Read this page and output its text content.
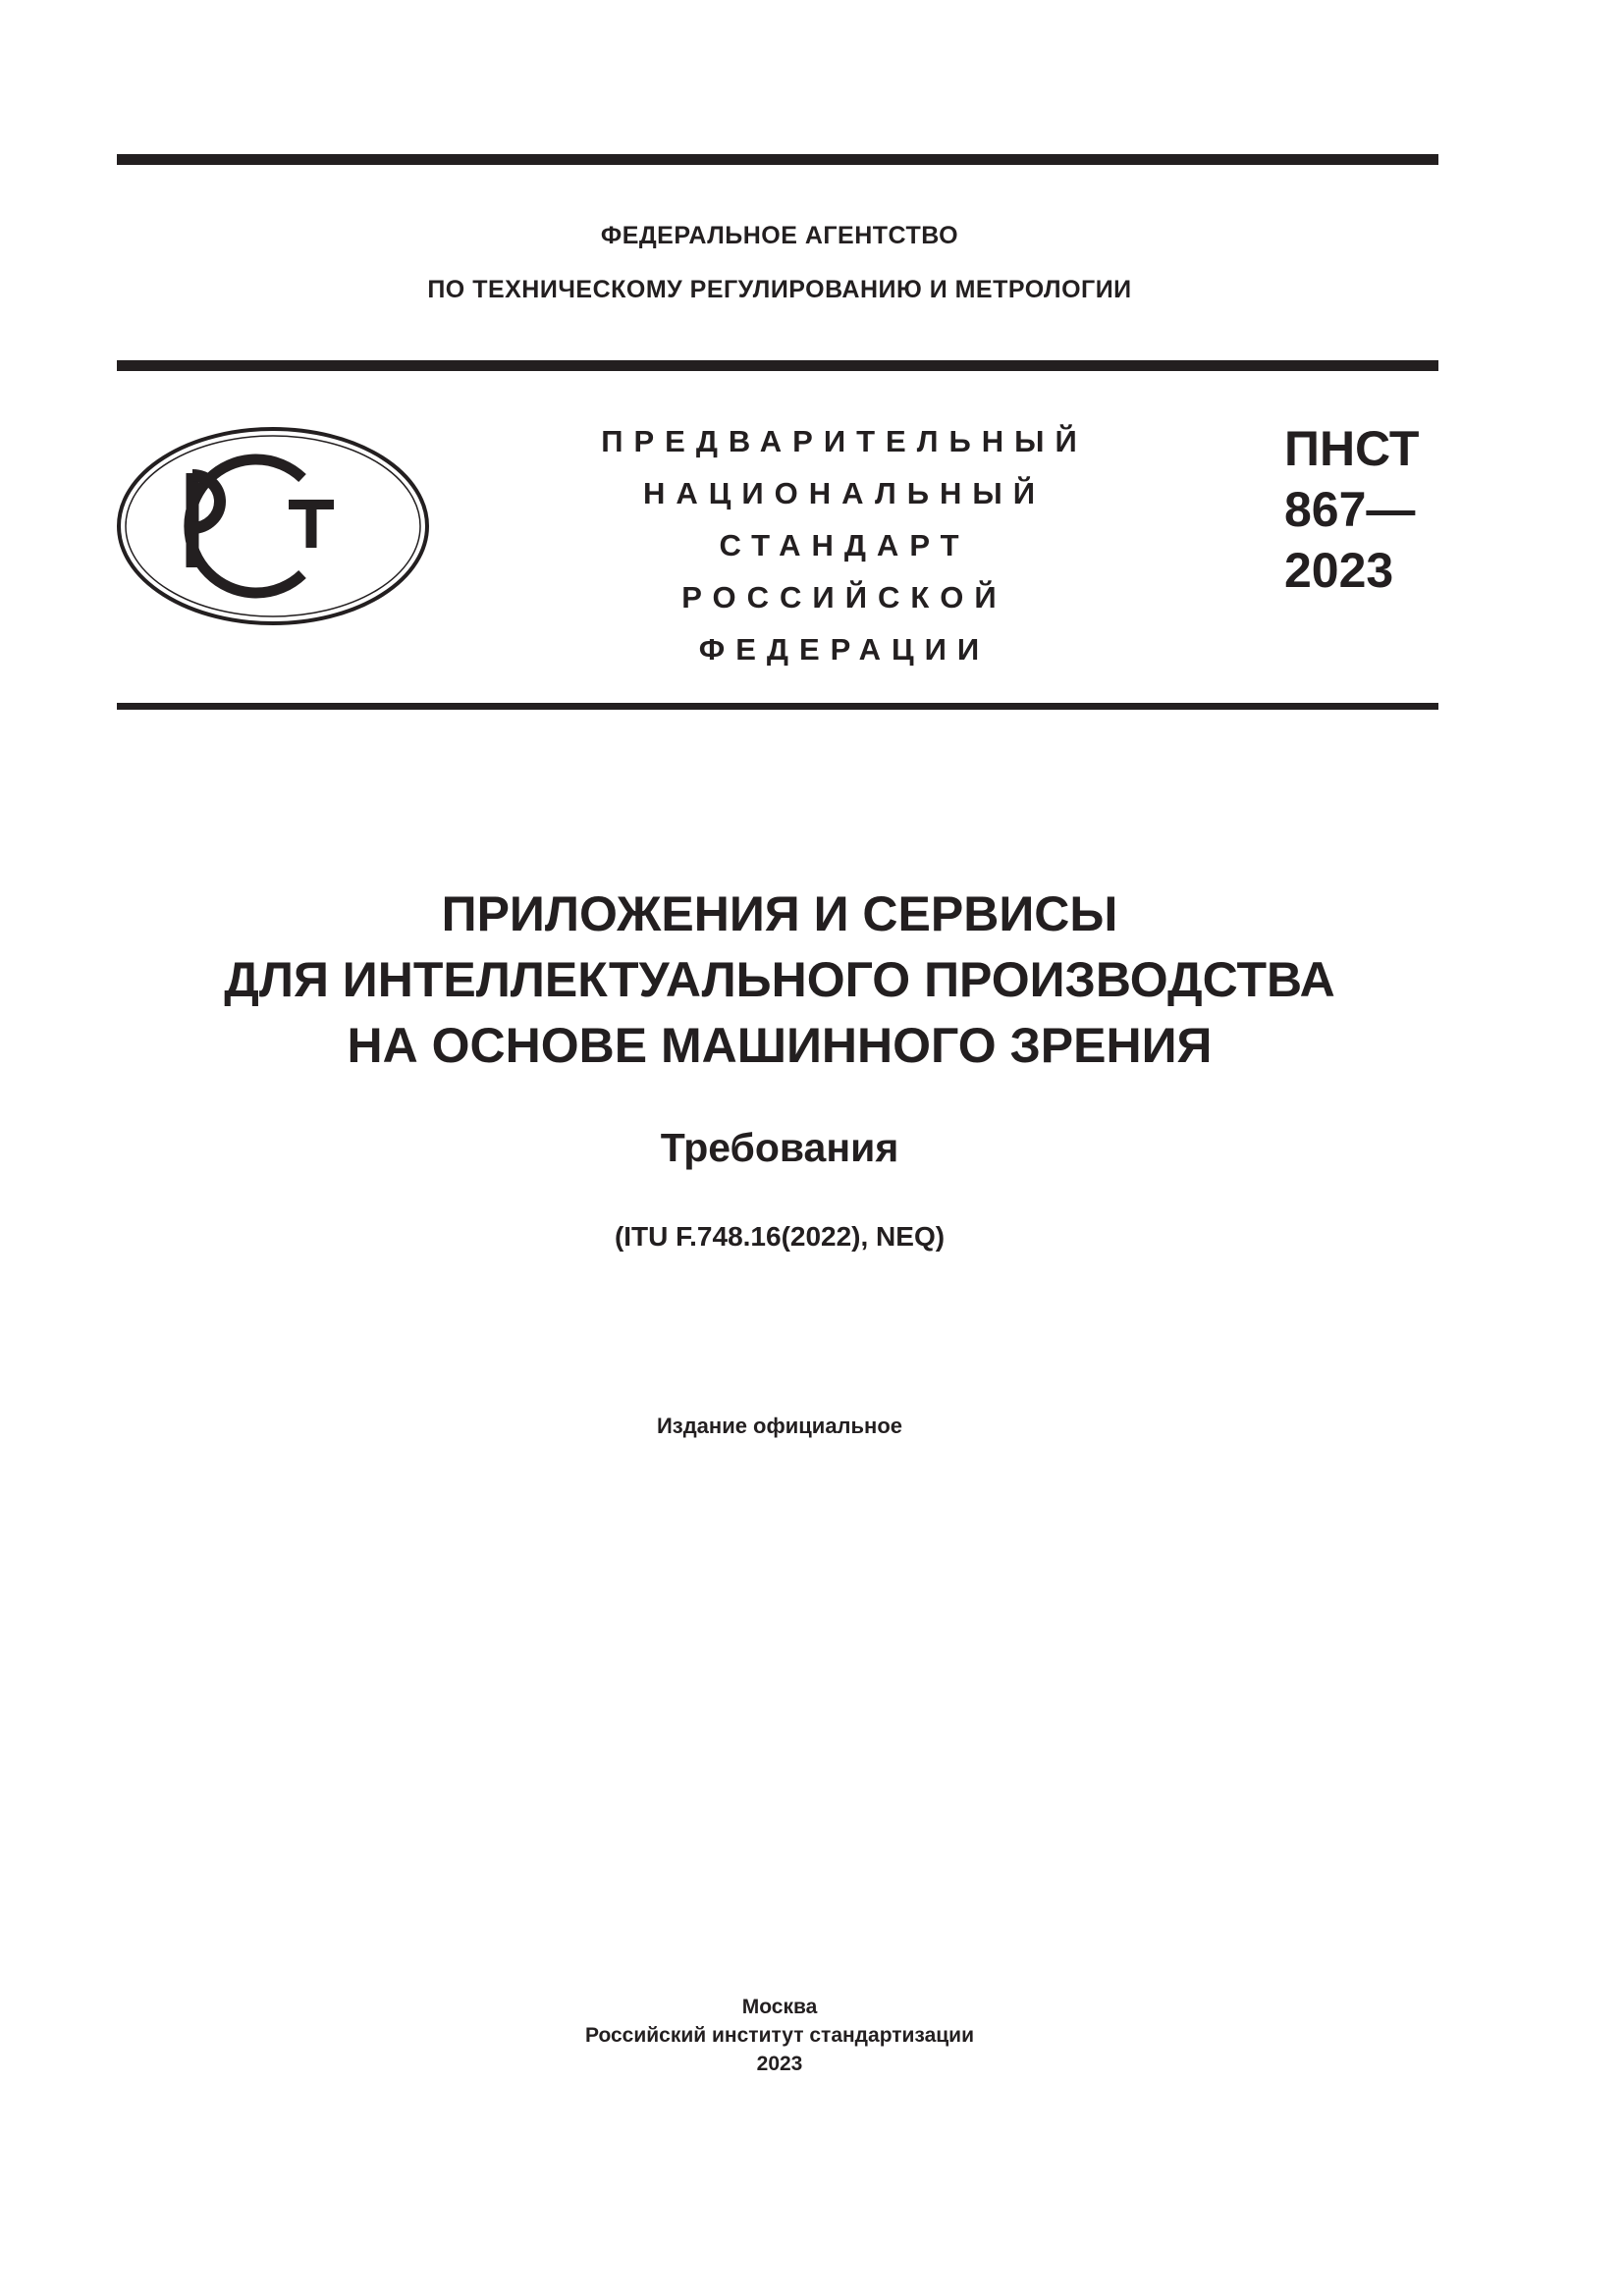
ФЕДЕРАЛЬНОЕ АГЕНТСТВО
ПО ТЕХНИЧЕСКОМУ РЕГУЛИРОВАНИЮ И МЕТРОЛОГИИ
ПРЕДВАРИТЕЛЬНЫЙ
НАЦИОНАЛЬНЫЙ
СТАНДАРТ
РОССИЙСКОЙ
ФЕДЕРАЦИИ
ПНСТ
867—
2023
ПРИЛОЖЕНИЯ И СЕРВИСЫ
ДЛЯ ИНТЕЛЛЕКТУАЛЬНОГО ПРОИЗВОДСТВА
НА ОСНОВЕ МАШИННОГО ЗРЕНИЯ
Требования
(ITU F.748.16(2022), NEQ)
Издание официальное
Москва
Российский институт стандартизации
2023
